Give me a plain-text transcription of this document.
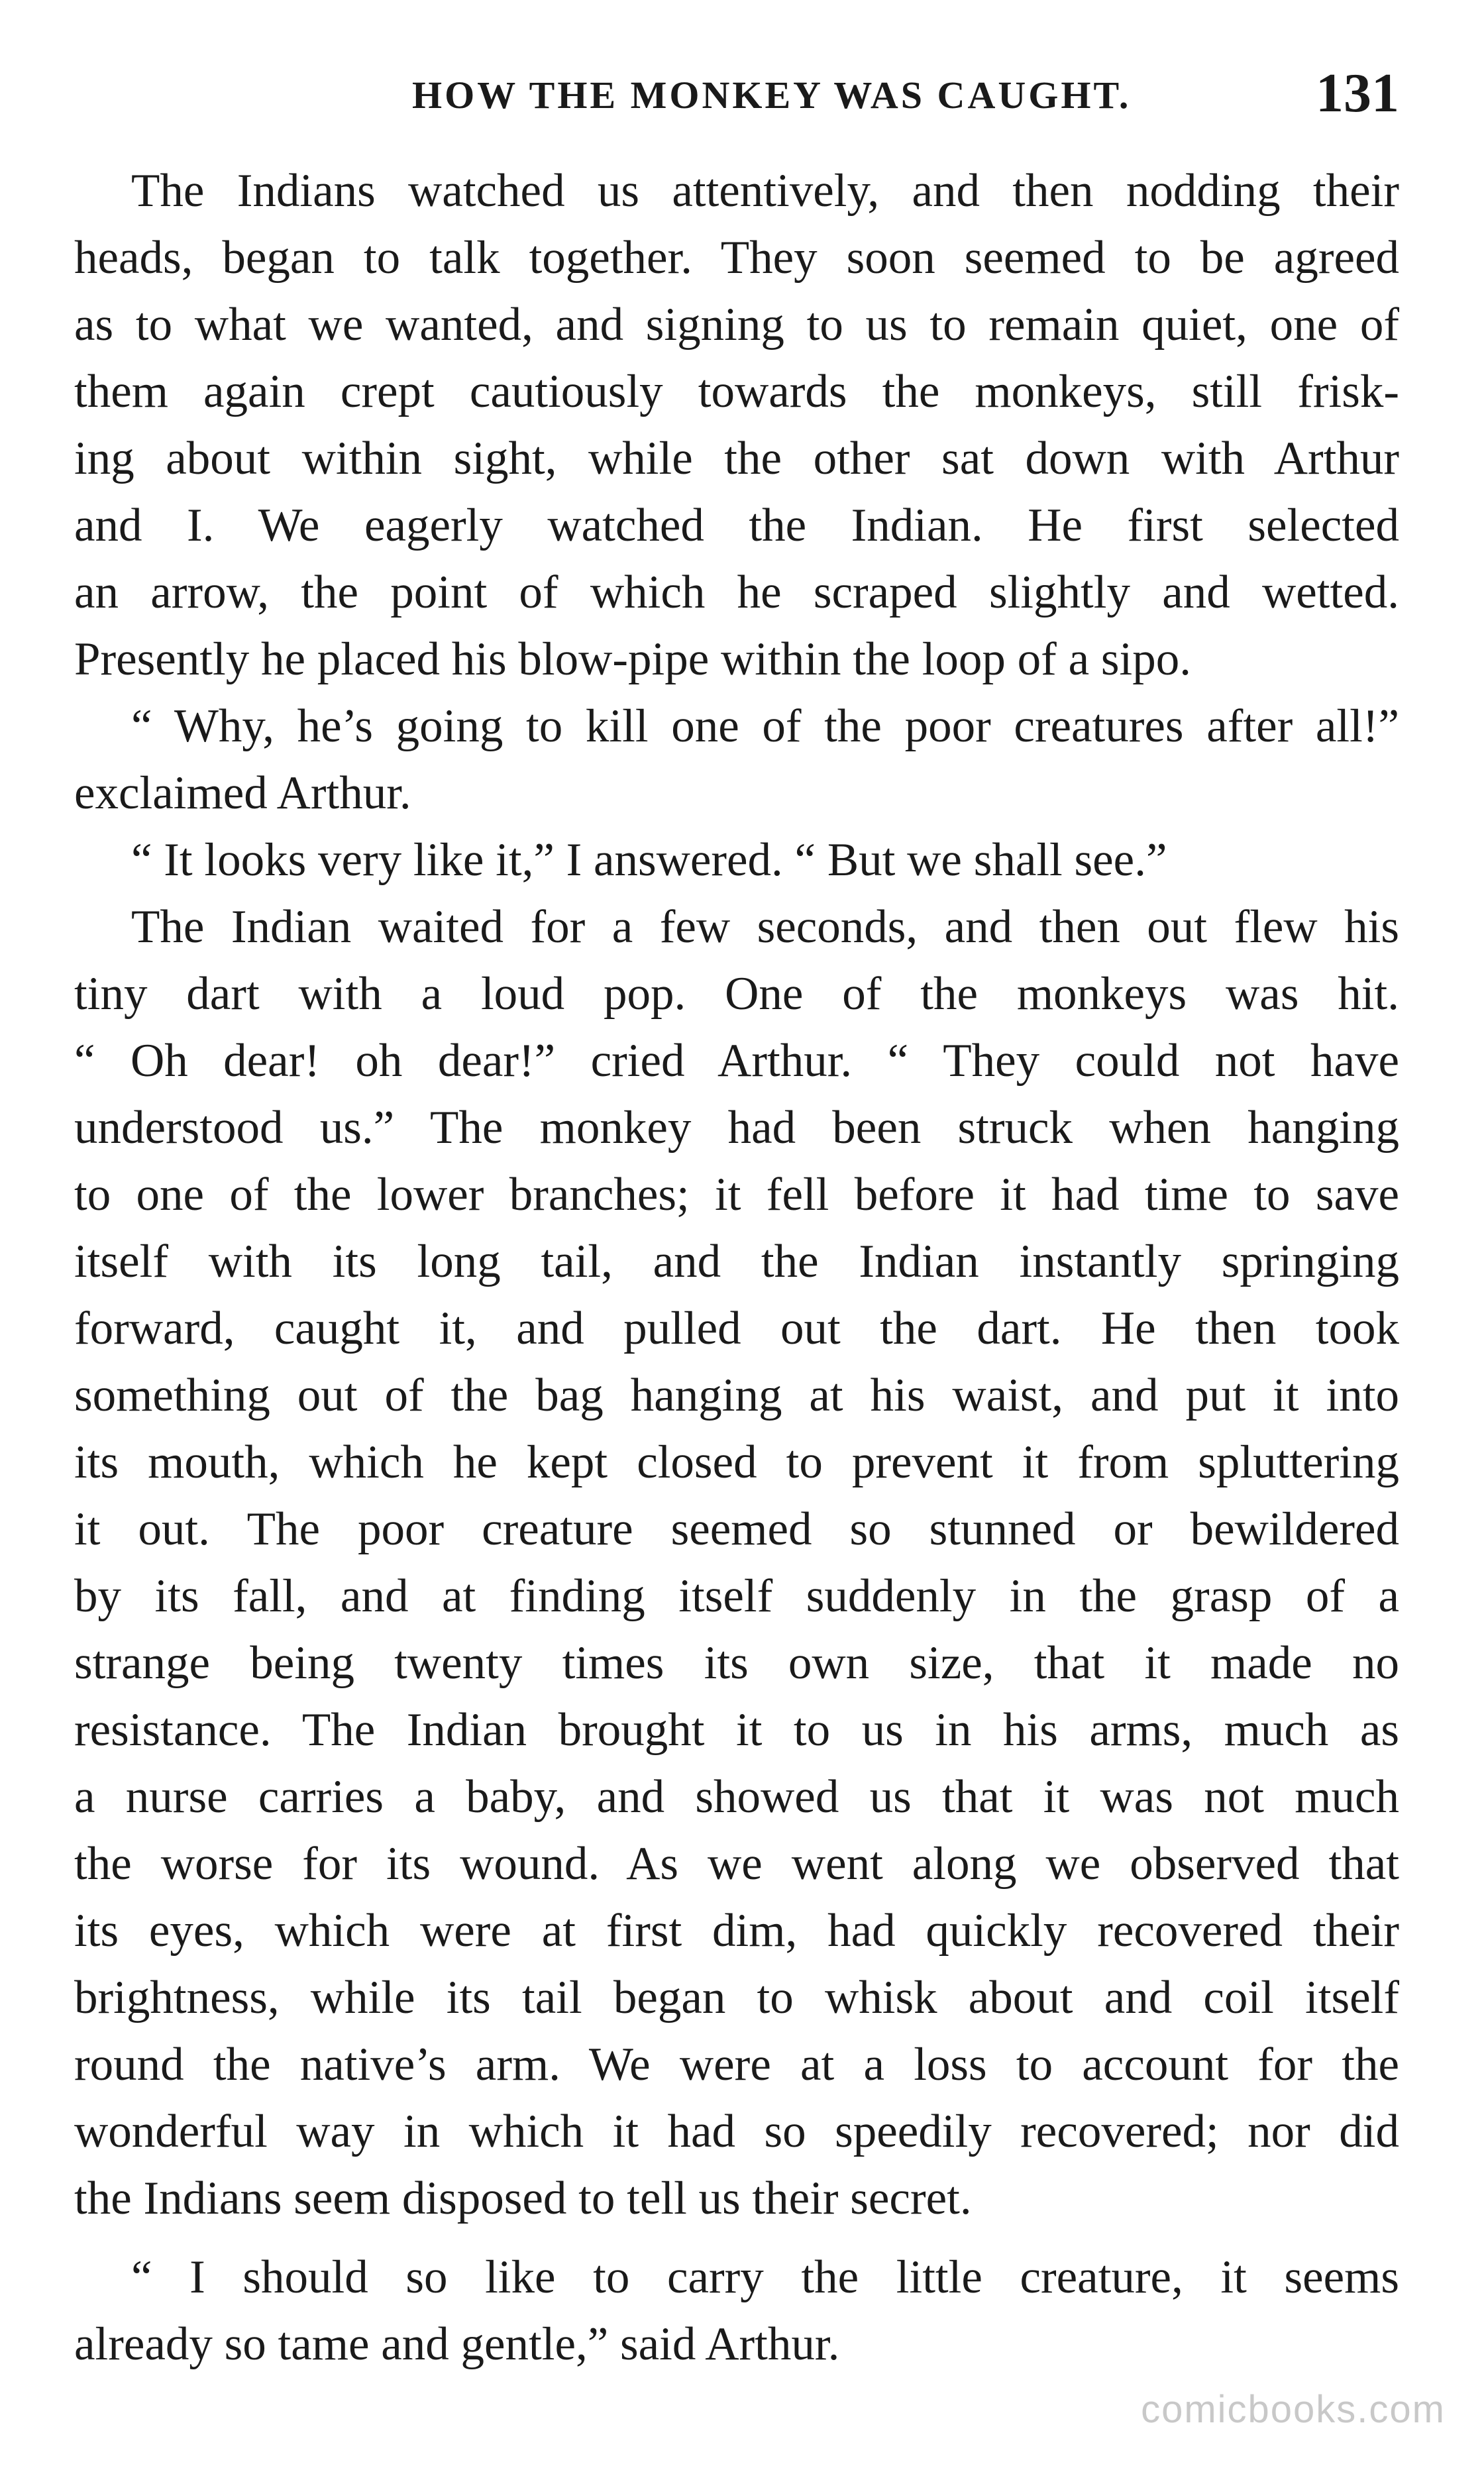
HOW THE MONKEY WAS CAUGHT.	131
The Indians watched us attentively, and then nodding their
heads, began to talk together. They soon seemed to be agreed
as to what we wanted, and signing to us to remain quiet, one of
them again crept cautiously towards the monkeys, still frisk-
ing about within sight, while the other sat down with Arthur
and I. We eagerly watched the Indian. He first selected
an arrow, the point of which he scraped slightly and wetted.
Presently he placed his blow-pipe within the loop of a sipo.
“ Why, he’s going to kill one of the poor creatures after all!”
exclaimed Arthur.
“ It looks very like it,” I answered. “ But we shall see.”
The Indian waited for a few seconds, and then out flew his
tiny dart with a loud pop. One of the monkeys was hit.
“ Oh dear! oh dear!” cried Arthur. “ They could not have
understood us.” The monkey had been struck when hanging
to one of the lower branches; it fell before it had time to save
itself with its long tail, and the Indian instantly springing
forward, caught it, and pulled out the dart. He then took
something out of the bag hanging at his waist, and put it into
its mouth, which he kept closed to prevent it from spluttering
it out. The poor creature seemed so stunned or bewildered
by its fall, and at finding itself suddenly in the grasp of a
strange being twenty times its own size, that it made no
resistance. The Indian brought it to us in his arms, much as
a nurse carries a baby, and showed us that it was not much
the worse for its wound. As we went along we observed that
its eyes, which were at first dim, had quickly recovered their
brightness, while its tail began to whisk about and coil itself
round the native’s arm. We were at a loss to account for the
wonderful way in which it had so speedily recovered; nor did
the Indians seem disposed to tell us their secret.
“ I should so like to carry the little creature, it seems
already so tame and gentle,” said Arthur.
comicbooks.com
